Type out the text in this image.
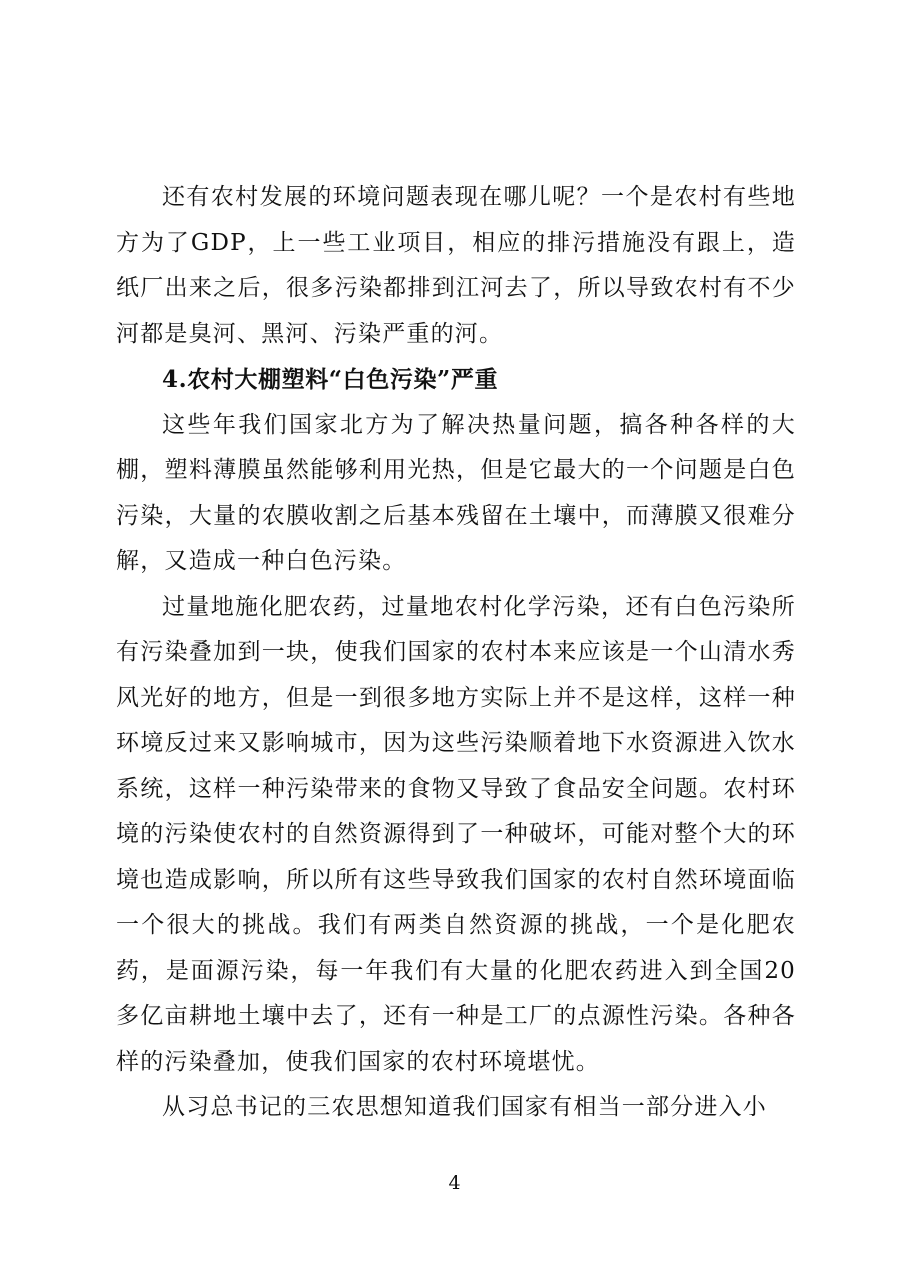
还有农村发展的环境问题表现在哪儿呢？一个是农村有些地方为了GDP，上一些工业项目，相应的排污措施没有跟上，造纸厂出来之后，很多污染都排到江河去了，所以导致农村有不少河都是臭河、黑河、污染严重的河。

4.农村大棚塑料“白色污染”严重

这些年我们国家北方为了解决热量问题，搞各种各样的大棚，塑料薄膜虽然能够利用光热，但是它最大的一个问题是白色污染，大量的农膜收割之后基本残留在土壤中，而薄膜又很难分解，又造成一种白色污染。

过量地施化肥农药，过量地农村化学污染，还有白色污染所有污染叠加到一块，使我们国家的农村本来应该是一个山清水秀风光好的地方，但是一到很多地方实际上并不是这样，这样一种环境反过来又影响城市，因为这些污染顺着地下水资源进入饮水系统，这样一种污染带来的食物又导致了食品安全问题。农村环境的污染使农村的自然资源得到了一种破坏，可能对整个大的环境也造成影响，所以所有这些导致我们国家的农村自然环境面临一个很大的挑战。我们有两类自然资源的挑战，一个是化肥农药，是面源污染，每一年我们有大量的化肥农药进入到全国20多亿亩耕地土壤中去了，还有一种是工厂的点源性污染。各种各样的污染叠加，使我们国家的农村环境堪忧。

从习总书记的三农思想知道我们国家有相当一部分进入小

4
